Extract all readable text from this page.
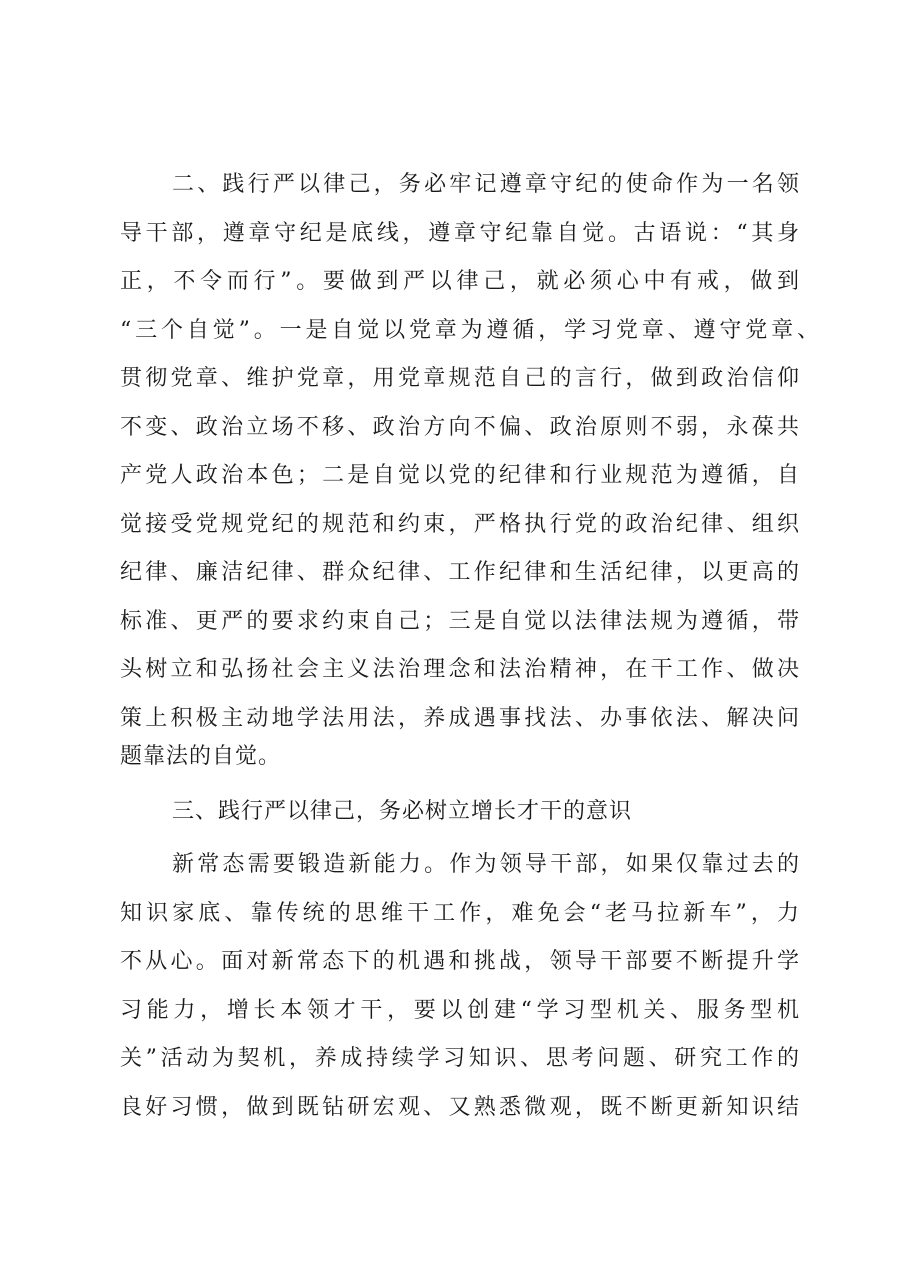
二、践行严以律己，务必牢记遵章守纪的使命作为一名领
导干部，遵章守纪是底线，遵章守纪靠自觉。古语说：“其身
正，不令而行”。要做到严以律己，就必须心中有戒，做到
“三个自觉”。一是自觉以党章为遵循，学习党章、遵守党章、
贯彻党章、维护党章，用党章规范自己的言行，做到政治信仰
不变、政治立场不移、政治方向不偏、政治原则不弱，永葆共
产党人政治本色；二是自觉以党的纪律和行业规范为遵循，自
觉接受党规党纪的规范和约束，严格执行党的政治纪律、组织
纪律、廉洁纪律、群众纪律、工作纪律和生活纪律，以更高的
标准、更严的要求约束自己；三是自觉以法律法规为遵循，带
头树立和弘扬社会主义法治理念和法治精神，在干工作、做决
策上积极主动地学法用法，养成遇事找法、办事依法、解决问
题靠法的自觉。
三、践行严以律己，务必树立增长才干的意识
新常态需要锻造新能力。作为领导干部，如果仅靠过去的
知识家底、靠传统的思维干工作，难免会“老马拉新车”，力
不从心。面对新常态下的机遇和挑战，领导干部要不断提升学
习能力，增长本领才干，要以创建“学习型机关、服务型机
关”活动为契机，养成持续学习知识、思考问题、研究工作的
良好习惯，做到既钻研宏观、又熟悉微观，既不断更新知识结
